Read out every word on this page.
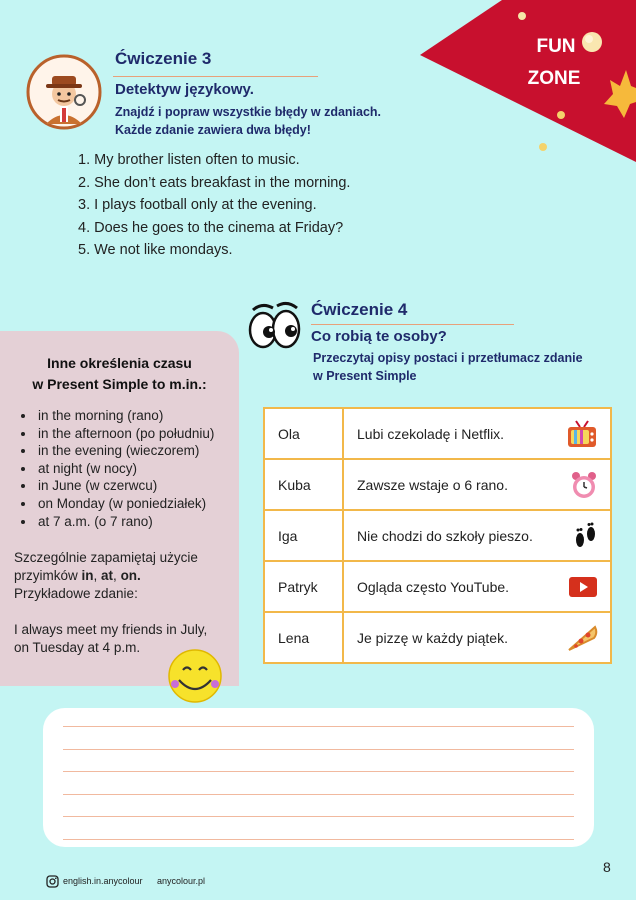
FUN
ZONE
Ćwiczenie 3
Detektyw językowy.
Znajdź i popraw wszystkie błędy w zdaniach.
Każde zdanie zawiera dwa błędy!
1. My brother listen often to music.
2. She don’t eats breakfast in the morning.
3. I plays football only at the evening.
4. Does he goes to the cinema at Friday?
5. We not like mondays.
Inne określenia czasu
w Present Simple to m.in.:
• in the morning (rano)
• in the afternoon (po południu)
• in the evening (wieczorem)
• at night (w nocy)
• in June (w czerwcu)
• on Monday (w poniedziałek)
• at 7 a.m. (o 7 rano)
Szczególnie zapamiętaj użycie przyimków in, at, on.
Przykładowe zdanie:
I always meet my friends in July,
on Tuesday at 4 p.m.
Ćwiczenie 4
Co robią te osoby?
Przeczytaj opisy postaci i przetłumacz zdanie
w Present Simple
Ola	Lubi czekoladę i Netflix.

Kuba	Zawsze wstaje o 6 rano.

Iga	Nie chodzi do szkoły pieszo.

Patryk	Ogląda często YouTube.

Lena	Je pizzę w każdy piątek.
english.in.anycolour anycolour.pl
8
